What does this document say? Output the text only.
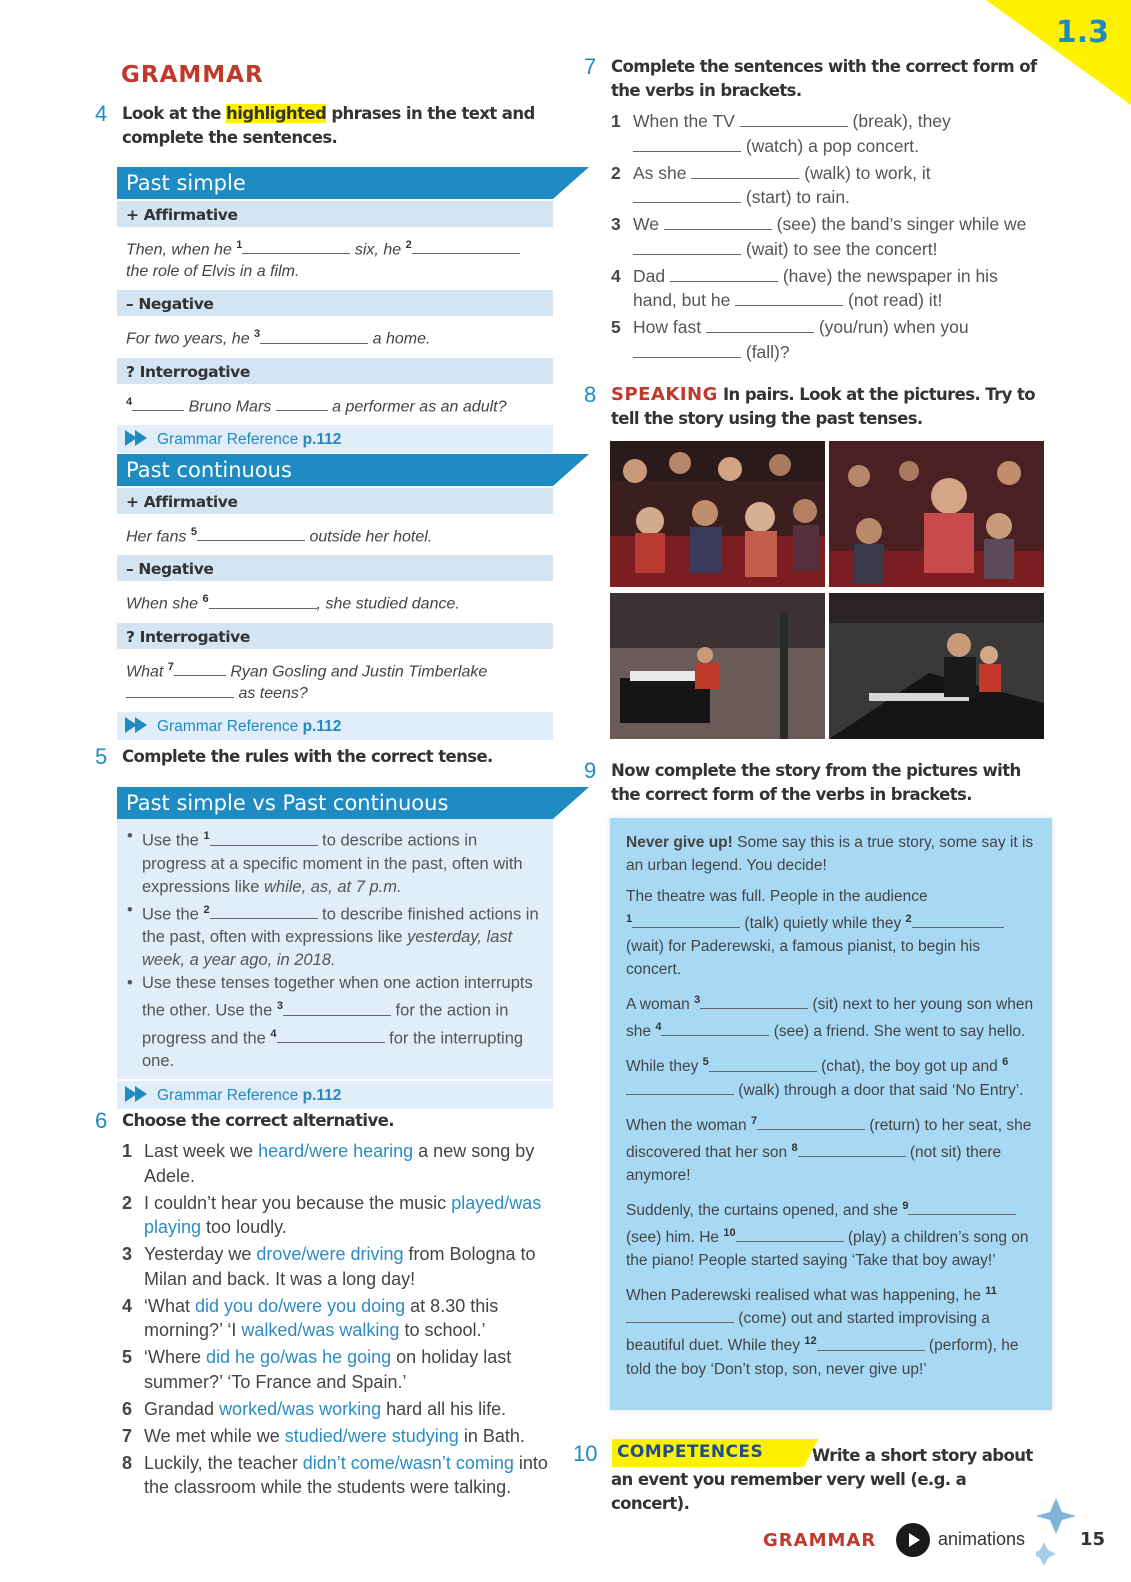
1.3
GRAMMAR
4 Look at the highlighted phrases in the text and complete the sentences.
Past simple
+ Affirmative
Then, when he $^1$	six, he $^2$
the role of Elvis in a film.
– Negative
For two years, he $^3$	a home.
? Interrogative
$^4$	Bruno Mars	a performer as an adult?
Grammar Reference p.112
Past continuous
+ Affirmative
Her fans $^5$	outside her hotel.
– Negative
When she $^6$	, she studied dance.
? Interrogative
What $^7$	Ryan Gosling and Justin Timberlake
as teens?
Grammar Reference p.112
5 Complete the rules with the correct tense.
Past simple vs Past continuous
• Use the $^1$	to describe actions in progress at a specific moment in the past, often with expressions like while, as, at 7 p.m.
• Use the $^2$	to describe finished actions in the past, often with expressions like yesterday, last week, a year ago, in 2018.
• Use these tenses together when one action interrupts the other. Use the $^3$	for the action in progress and the $^4$	for the interrupting one.
Grammar Reference p.112
6 Choose the correct alternative.
1 Last week we heard/were hearing a new song by Adele.
2 I couldn’t hear you because the music played/was playing too loudly.
3 Yesterday we drove/were driving from Bologna to Milan and back. It was a long day!
4 ‘What did you do/were you doing at 8.30 this morning?’ ‘I walked/was walking to school.’
5 ‘Where did he go/was he going on holiday last summer?’ ‘To France and Spain.’
6 Grandad worked/was working hard all his life.
7 We met while we studied/were studying in Bath.
8 Luckily, the teacher didn’t come/wasn’t coming into the classroom while the students were talking.
7 Complete the sentences with the correct form of the verbs in brackets.
1 When the TV	(break), they
(watch) a pop concert.
2 As she	(walk) to work, it
(start) to rain.
3 We	(see) the band’s singer while we  (wait) to see the concert!
4 Dad	(have) the newspaper in his hand, but he	(not read) it!
5 How fast	(you/run) when you
(fall)?
8 SPEAKING In pairs. Look at the pictures. Try to tell the story using the past tenses.
9 Now complete the story from the pictures with the correct form of the verbs in brackets.

Never give up! Some say this is a true story, some say it is an urban legend. You decide!

The theatre was full. People in the audience
$^1$	(talk) quietly while they $^2$
(wait) for Paderewski, a famous pianist, to begin his concert.

A woman $^3$	(sit) next to her young son when she $^4$	(see) a friend. She went to say hello.

While they $^5$	(chat), the boy got up and $^6$ (walk) through a door that said ‘No Entry’.

When the woman $^7$	(return) to her seat, she discovered that her son $^8$	(not sit) there anymore!

Suddenly, the curtains opened, and she $^9$ (see) him. He $^{10}$	(play) a children’s song on the piano! People started saying ‘Take that boy away!’

When Paderewski realised what was happening, he $^{11}$ (come) out and started improvising a beautiful duet. While they $^{12}$	(perform), he told the boy ‘Don’t stop, son, never give up!’

10 COMPETENCES	Write a short story about an event you remember very well (e.g. a concert).
GRAMMAR	animations	15
